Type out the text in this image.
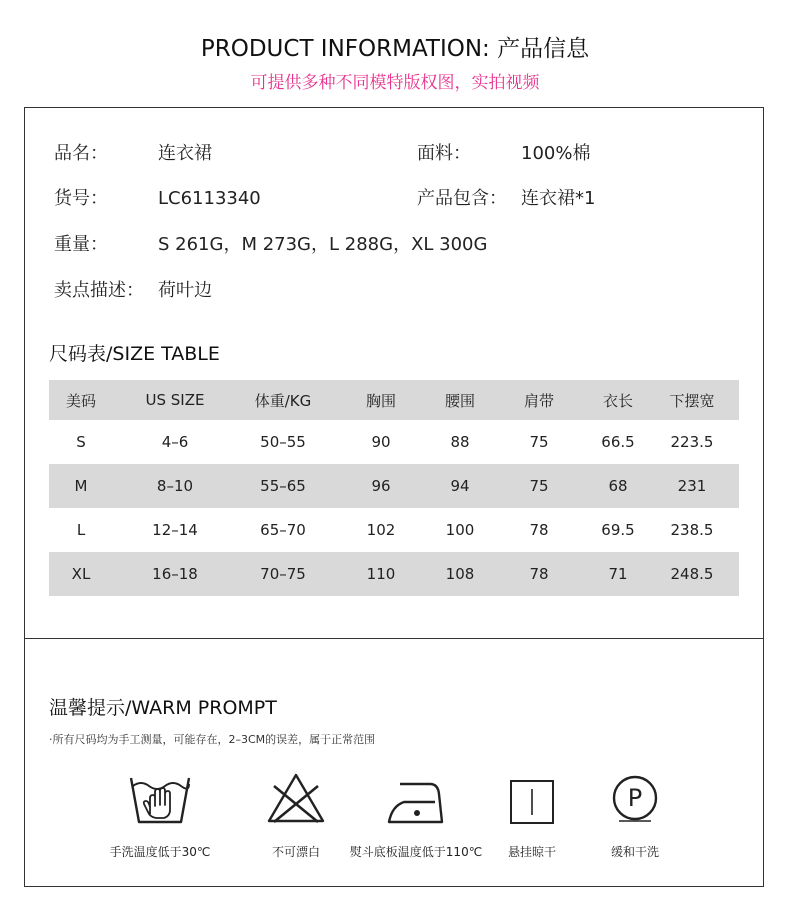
PRODUCT INFORMATION: 产品信息
可提供多种不同模特版权图，实拍视频
品名：	连衣裙	面料：	100%棉
货号：	LC6113340	产品包含： 连衣裙*1
重量：	S 261G，M 273G，L 288G，XL 300G
卖点描述： 荷叶边
尺码表/SIZE TABLE
美码	US SIZE	体重/KG	胸围	腰围	肩带	衣长	下摆宽
S	4–6	50–55	90	88	75	66.5	223.5
M	8–10	55–65	96	94	75	68	231
L	12–14	65–70	102	100	78	69.5	238.5
XL	16–18	70–75	110	108	78	71	248.5
温馨提示/WARM PROMPT
·所有尺码均为手工测量，可能存在，2–3CM的误差，属于正常范围
手洗温度低于30℃	不可漂白	熨斗底板温度低于110℃	悬挂晾干
P
缓和干洗
